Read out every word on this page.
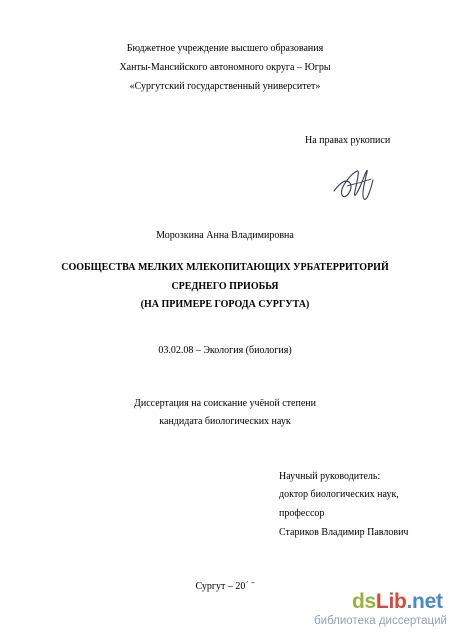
Бюджетное учреждение высшего образования
Ханты-Мансийского автономного округа – Югры
«Сургутский государственный университет»
На правах рукописи
Морозкина Анна Владимировна
СООБЩЕСТВА МЕЛКИХ МЛЕКОПИТАЮЩИХ УРБАТЕРРИТОРИЙ
СРЕДНЕГО ПРИОБЬЯ
(НА ПРИМЕРЕ ГОРОДА СУРГУТА)
03.02.08 – Экология (биология)
Диссертация на соискание учёной степени
кандидата биологических наук
Научный руководитель:
доктор биологических наук,
профессор
Стариков Владимир Павлович
Сургут – 20´ ˉ
dsLib.net
библиотека диссертаций
